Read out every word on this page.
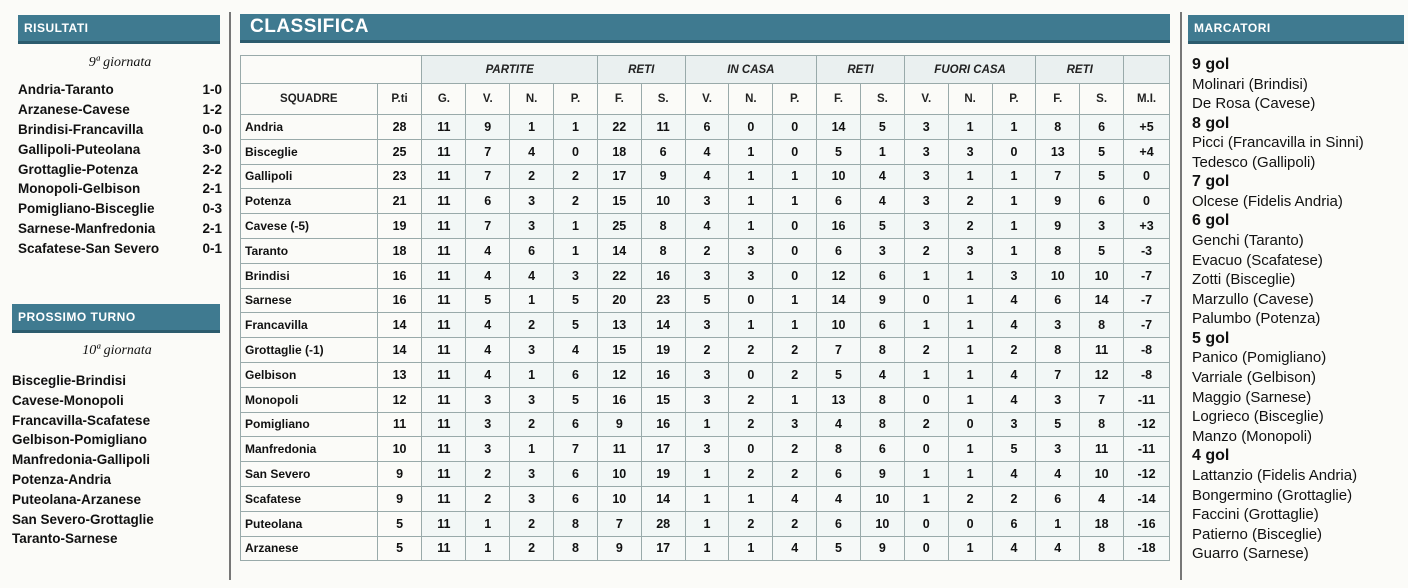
RISULTATI
9ª giornata
Andria-Taranto	1-0
Arzanese-Cavese	1-2
Brindisi-Francavilla	0-0
Gallipoli-Puteolana	3-0
Grottaglie-Potenza	2-2
Monopoli-Gelbison	2-1
Pomigliano-Bisceglie	0-3
Sarnese-Manfredonia	2-1
Scafatese-San Severo	0-1
PROSSIMO TURNO
10ª giornata
Bisceglie-Brindisi
Cavese-Monopoli
Francavilla-Scafatese
Gelbison-Pomigliano
Manfredonia-Gallipoli
Potenza-Andria
Puteolana-Arzanese
San Severo-Grottaglie
Taranto-Sarnese
CLASSIFICA
		PARTITE				RETI		IN CASA			RETI		FUORI CASA			RETI		
SQUADRE	P.ti	G.	V.	N.	P.	F.	S.	V.	N.	P.	F.	S.	V.	N.	P.	F.	S.	M.I.
Andria	28	11	9	1	1	22	11	6	0	0	14	5	3	1	1	8	6	+5
Bisceglie	25	11	7	4	0	18	6	4	1	0	5	1	3	3	0	13	5	+4
Gallipoli	23	11	7	2	2	17	9	4	1	1	10	4	3	1	1	7	5	0
Potenza	21	11	6	3	2	15	10	3	1	1	6	4	3	2	1	9	6	0
Cavese (-5)	19	11	7	3	1	25	8	4	1	0	16	5	3	2	1	9	3	+3
Taranto	18	11	4	6	1	14	8	2	3	0	6	3	2	3	1	8	5	-3
Brindisi	16	11	4	4	3	22	16	3	3	0	12	6	1	1	3	10	10	-7
Sarnese	16	11	5	1	5	20	23	5	0	1	14	9	0	1	4	6	14	-7
Francavilla	14	11	4	2	5	13	14	3	1	1	10	6	1	1	4	3	8	-7
Grottaglie (-1)	14	11	4	3	4	15	19	2	2	2	7	8	2	1	2	8	11	-8
Gelbison	13	11	4	1	6	12	16	3	0	2	5	4	1	1	4	7	12	-8
Monopoli	12	11	3	3	5	16	15	3	2	1	13	8	0	1	4	3	7	-11
Pomigliano	11	11	3	2	6	9	16	1	2	3	4	8	2	0	3	5	8	-12
Manfredonia	10	11	3	1	7	11	17	3	0	2	8	6	0	1	5	3	11	-11
San Severo	9	11	2	3	6	10	19	1	2	2	6	9	1	1	4	4	10	-12
Scafatese	9	11	2	3	6	10	14	1	1	4	4	10	1	2	2	6	4	-14
Puteolana	5	11	1	2	8	7	28	1	2	2	6	10	0	0	6	1	18	-16
Arzanese	5	11	1	2	8	9	17	1	1	4	5	9	0	1	4	4	8	-18
MARCATORI
9 gol
Molinari (Brindisi)
De Rosa (Cavese)
8 gol
Picci (Francavilla in Sinni)
Tedesco (Gallipoli)
7 gol
Olcese (Fidelis Andria)
6 gol
Genchi (Taranto)
Evacuo (Scafatese)
Zotti (Bisceglie)
Marzullo (Cavese)
Palumbo (Potenza)
5 gol
Panico (Pomigliano)
Varriale (Gelbison)
Maggio (Sarnese)
Logrieco (Bisceglie)
Manzo (Monopoli)
4 gol
Lattanzio (Fidelis Andria)
Bongermino (Grottaglie)
Faccini (Grottaglie)
Patierno (Bisceglie)
Guarro (Sarnese)
